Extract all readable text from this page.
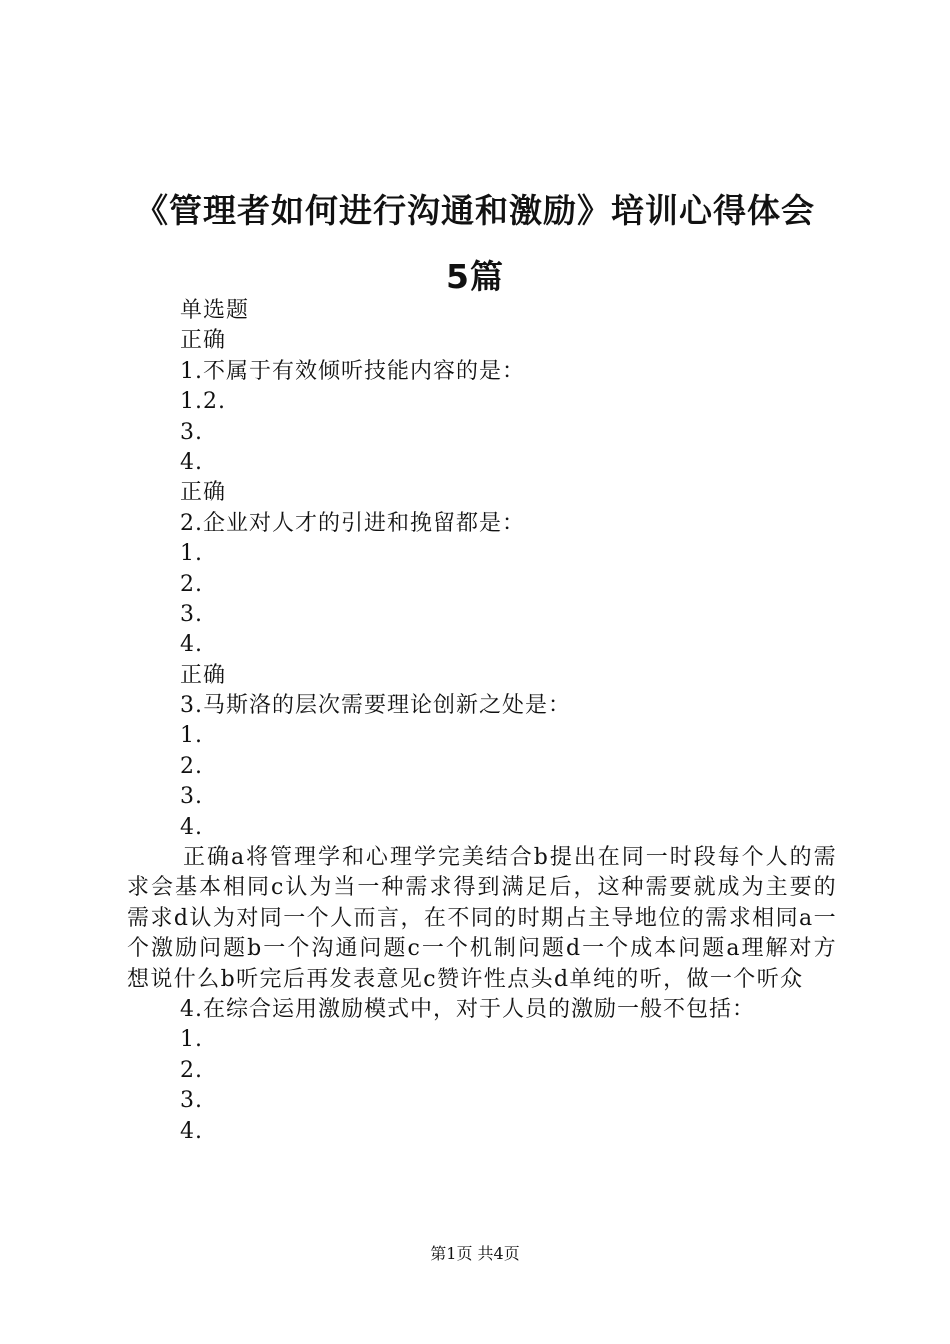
《管理者如何进行沟通和激励》培训心得体会
5篇
单选题
正确
1.不属于有效倾听技能内容的是：
1.2.
3.
4.
正确
2.企业对人才的引进和挽留都是：
1.
2.
3.
4.
正确
3.马斯洛的层次需要理论创新之处是：
1.
2.
3.
4.

正确a将管理学和心理学完美结合b提出在同一时段每个人的需求会基本相同c认为当一种需求得到满足后，这种需要就成为主要的需求d认为对同一个人而言，在不同的时期占主导地位的需求相同a一个激励问题b一个沟通问题c一个机制问题d一个成本问题a理解对方想说什么b听完后再发表意见c赞许性点头d单纯的听，做一个听众

4.在综合运用激励模式中，对于人员的激励一般不包括：
1.
2.
3.
4.
第1页 共4页
